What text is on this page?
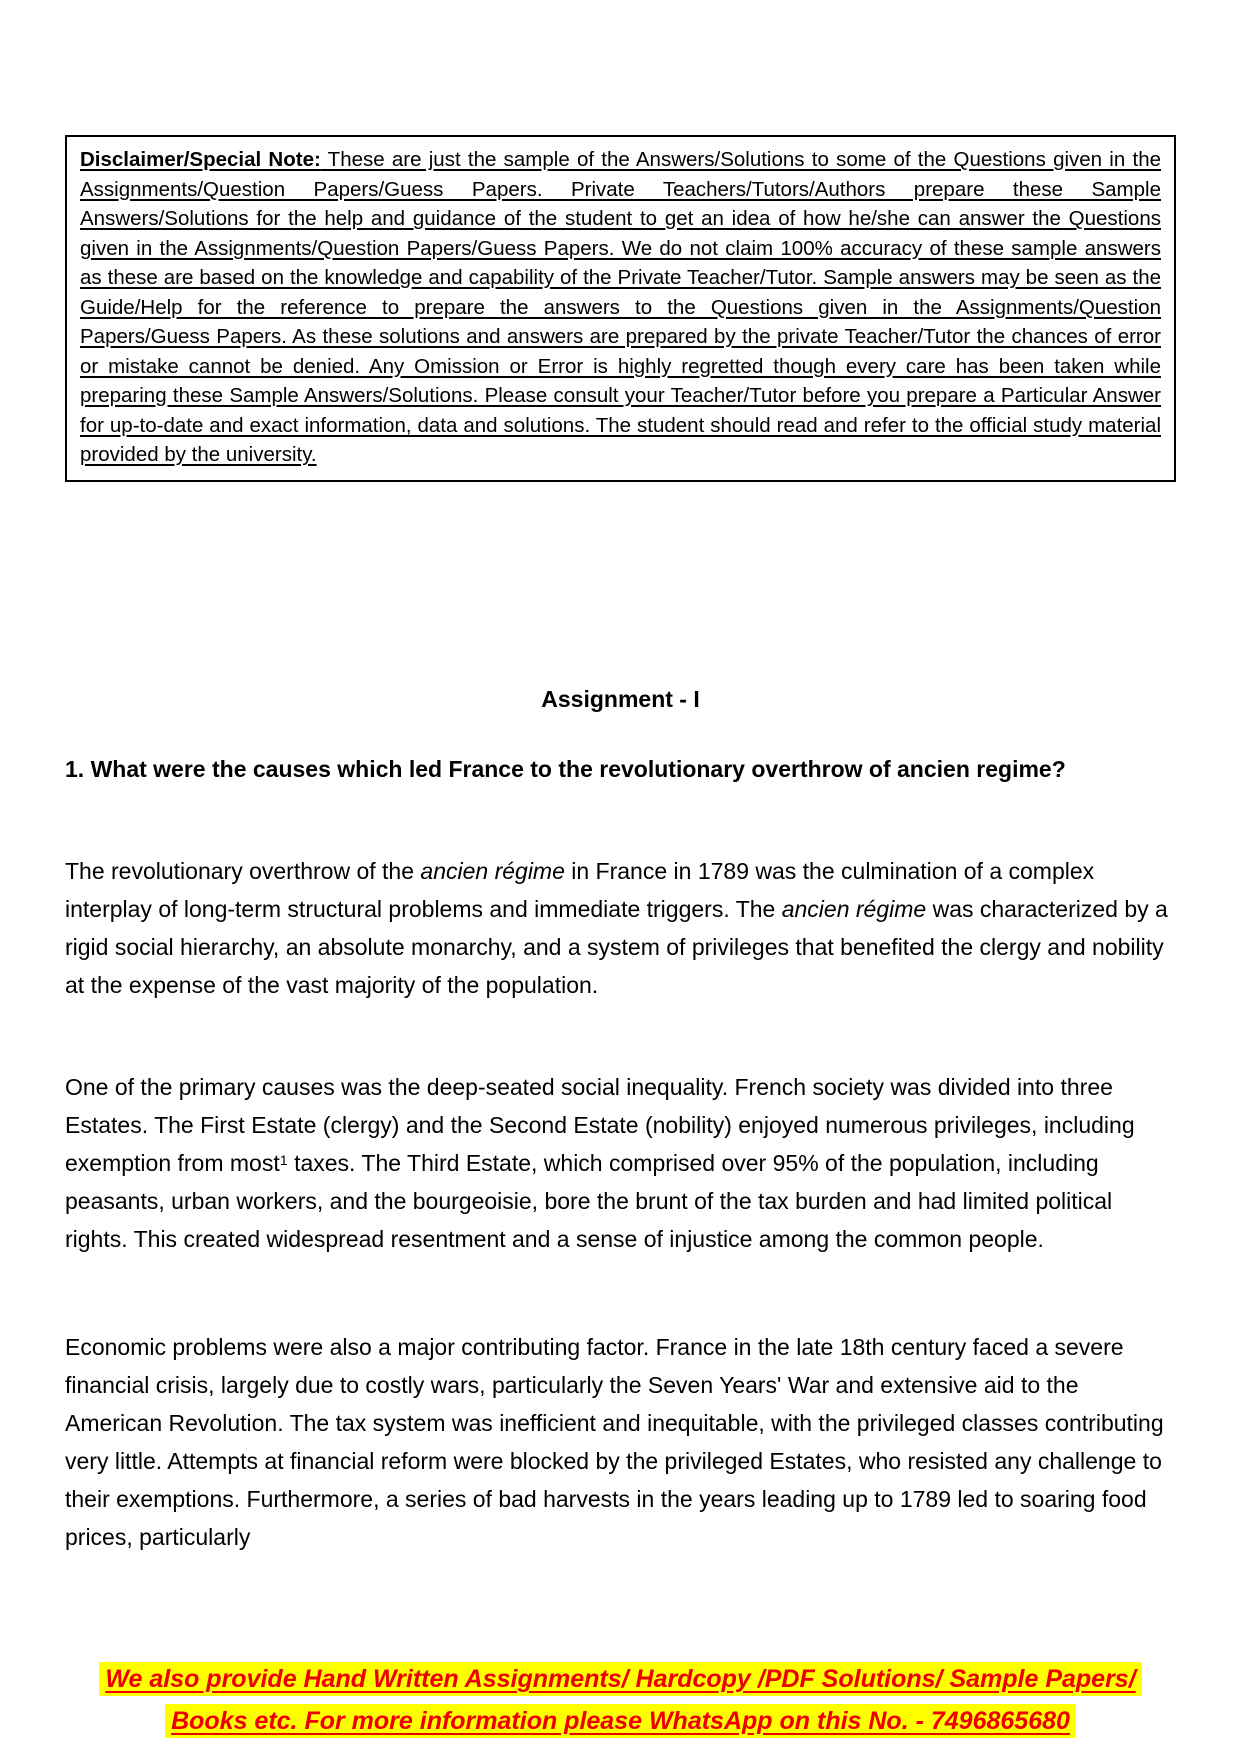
Disclaimer/Special Note: These are just the sample of the Answers/Solutions to some of the Questions given in the Assignments/Question Papers/Guess Papers. Private Teachers/Tutors/Authors prepare these Sample Answers/Solutions for the help and guidance of the student to get an idea of how he/she can answer the Questions given in the Assignments/Question Papers/Guess Papers. We do not claim 100% accuracy of these sample answers as these are based on the knowledge and capability of the Private Teacher/Tutor. Sample answers may be seen as the Guide/Help for the reference to prepare the answers to the Questions given in the Assignments/Question Papers/Guess Papers. As these solutions and answers are prepared by the private Teacher/Tutor the chances of error or mistake cannot be denied. Any Omission or Error is highly regretted though every care has been taken while preparing these Sample Answers/Solutions. Please consult your Teacher/Tutor before you prepare a Particular Answer for up-to-date and exact information, data and solutions. The student should read and refer to the official study material provided by the university.
Assignment - I
1. What were the causes which led France to the revolutionary overthrow of ancien regime?
The revolutionary overthrow of the ancien régime in France in 1789 was the culmination of a complex interplay of long-term structural problems and immediate triggers. The ancien régime was characterized by a rigid social hierarchy, an absolute monarchy, and a system of privileges that benefited the clergy and nobility at the expense of the vast majority of the population.
One of the primary causes was the deep-seated social inequality. French society was divided into three Estates. The First Estate (clergy) and the Second Estate (nobility) enjoyed numerous privileges, including exemption from most$^1$ taxes. The Third Estate, which comprised over 95% of the population, including peasants, urban workers, and the bourgeoisie, bore the brunt of the tax burden and had limited political rights. This created widespread resentment and a sense of injustice among the common people.
Economic problems were also a major contributing factor. France in the late 18th century faced a severe financial crisis, largely due to costly wars, particularly the Seven Years' War and extensive aid to the American Revolution. The tax system was inefficient and inequitable, with the privileged classes contributing very little. Attempts at financial reform were blocked by the privileged Estates, who resisted any challenge to their exemptions. Furthermore, a series of bad harvests in the years leading up to 1789 led to soaring food prices, particularly
We also provide Hand Written Assignments/ Hardcopy /PDF Solutions/ Sample Papers/
Books etc. For more information please WhatsApp on this No. - 7496865680
